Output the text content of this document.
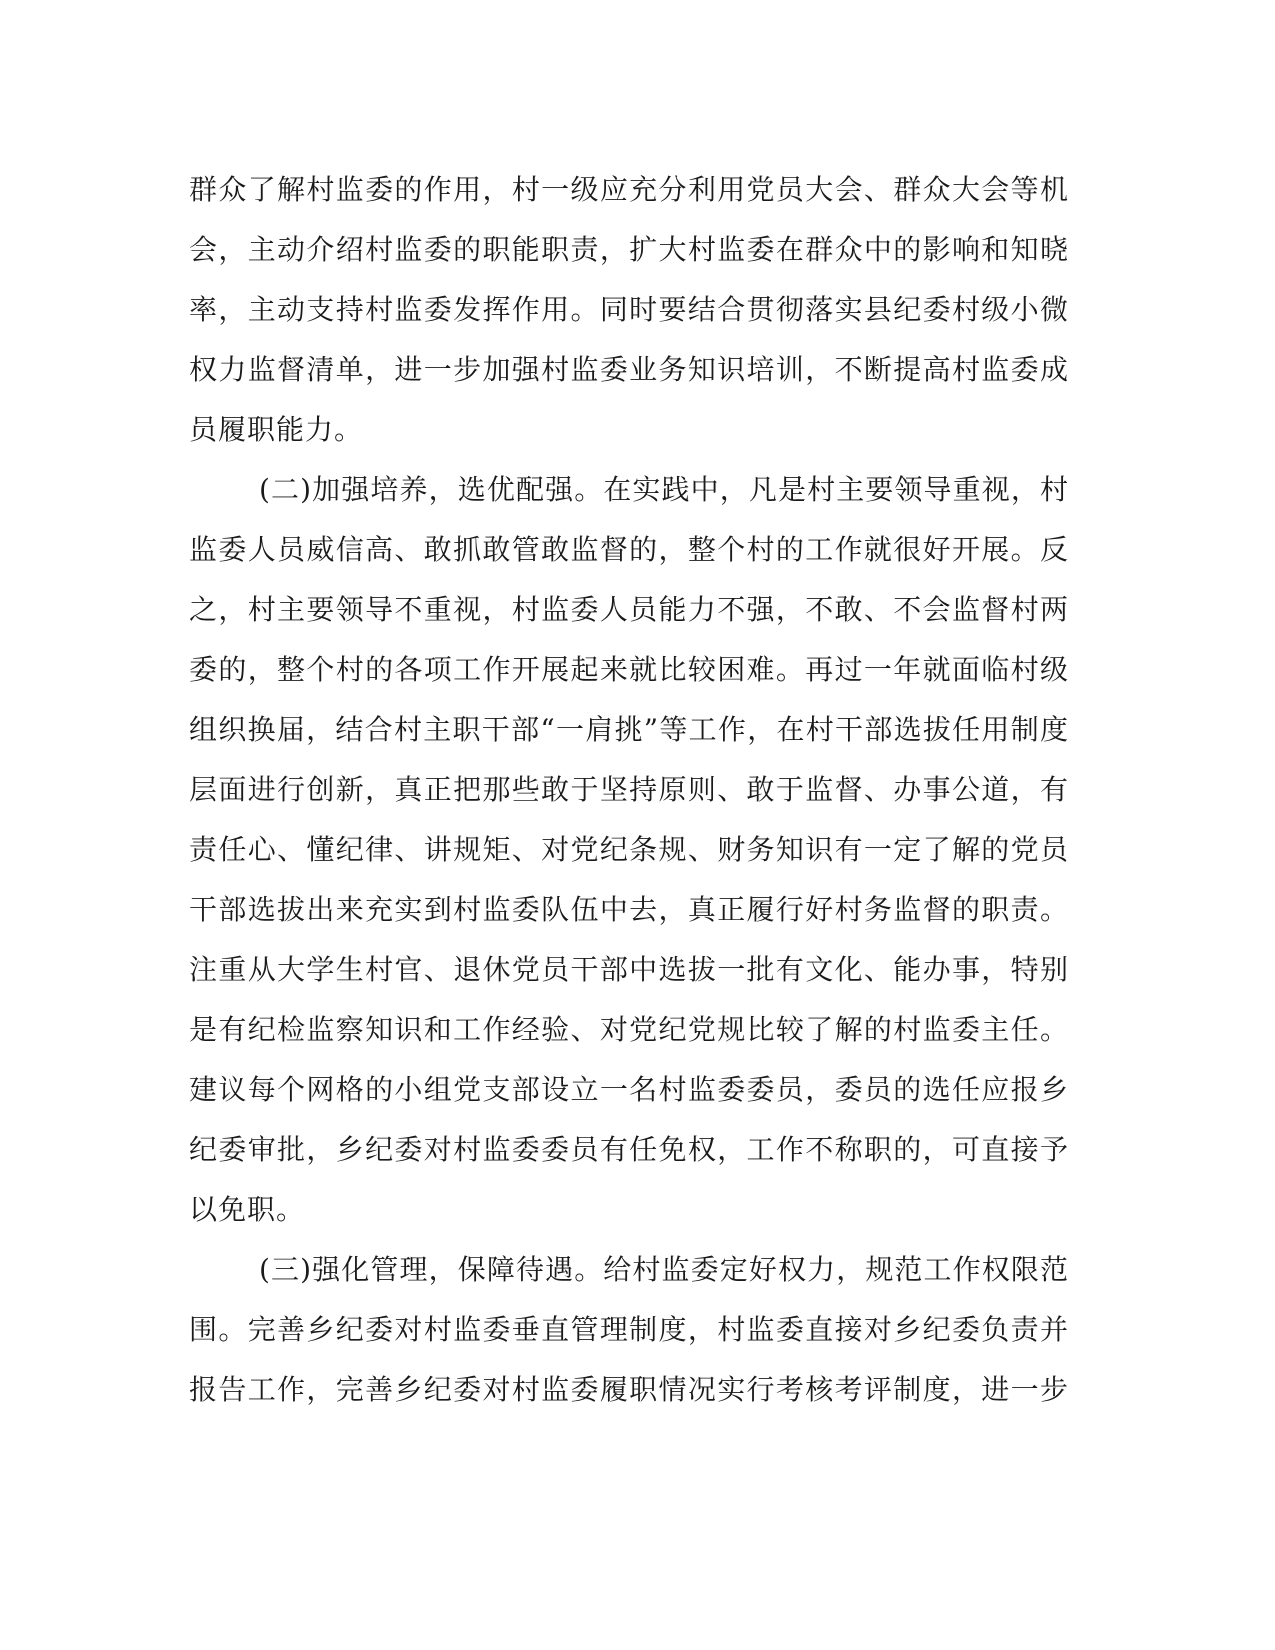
群众了解村监委的作用，村一级应充分利用党员大会、群众大会等机
会，主动介绍村监委的职能职责，扩大村监委在群众中的影响和知晓
率，主动支持村监委发挥作用。同时要结合贯彻落实县纪委村级小微
权力监督清单，进一步加强村监委业务知识培训，不断提高村监委成
员履职能力。
(二)加强培养，选优配强。在实践中，凡是村主要领导重视，村
监委人员威信高、敢抓敢管敢监督的，整个村的工作就很好开展。反
之，村主要领导不重视，村监委人员能力不强，不敢、不会监督村两
委的，整个村的各项工作开展起来就比较困难。再过一年就面临村级
组织换届，结合村主职干部“一肩挑”等工作，在村干部选拔任用制度
层面进行创新，真正把那些敢于坚持原则、敢于监督、办事公道，有
责任心、懂纪律、讲规矩、对党纪条规、财务知识有一定了解的党员
干部选拔出来充实到村监委队伍中去，真正履行好村务监督的职责。
注重从大学生村官、退休党员干部中选拔一批有文化、能办事，特别
是有纪检监察知识和工作经验、对党纪党规比较了解的村监委主任。
建议每个网格的小组党支部设立一名村监委委员，委员的选任应报乡
纪委审批，乡纪委对村监委委员有任免权，工作不称职的，可直接予
以免职。
(三)强化管理，保障待遇。给村监委定好权力，规范工作权限范
围。完善乡纪委对村监委垂直管理制度，村监委直接对乡纪委负责并
报告工作，完善乡纪委对村监委履职情况实行考核考评制度，进一步
